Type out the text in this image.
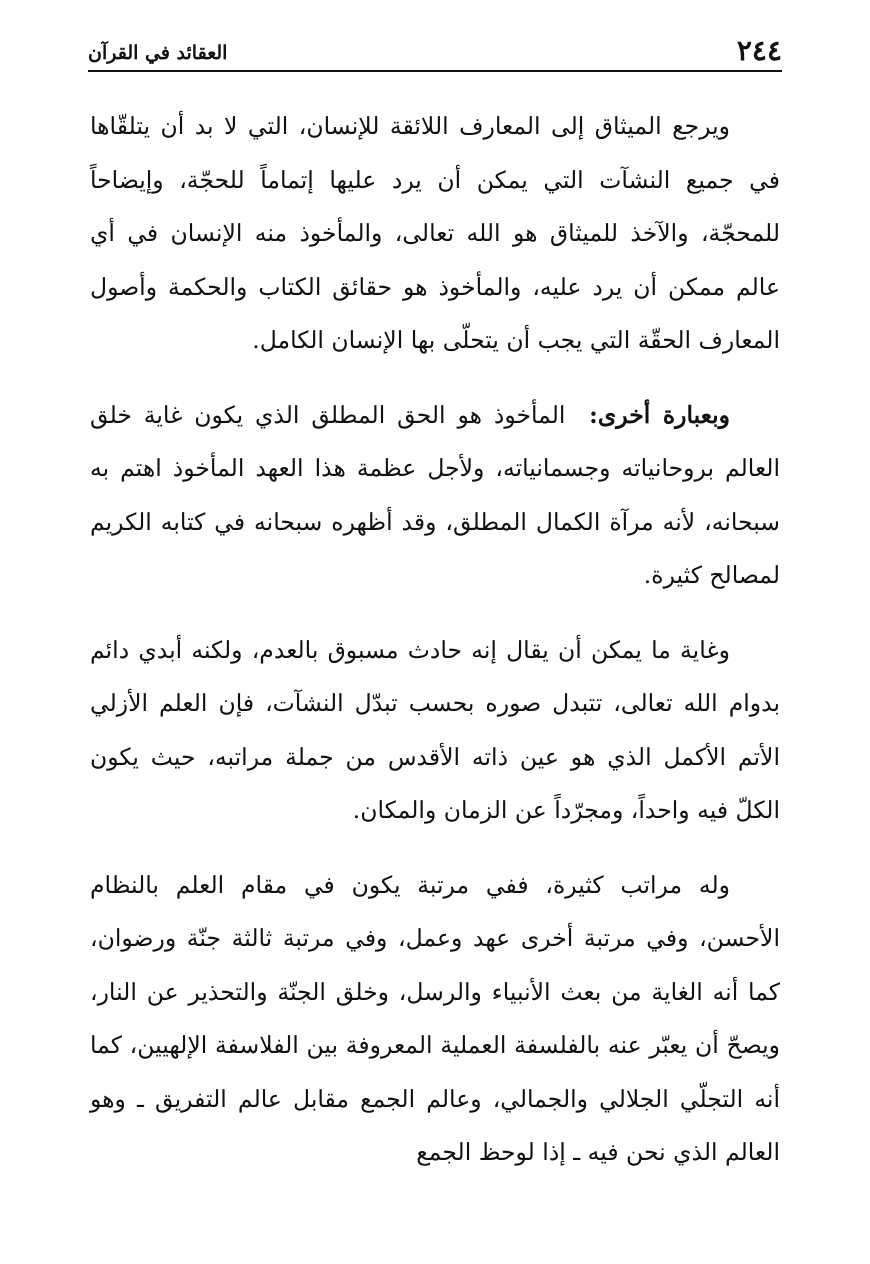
٢٤٤
العقائد في القرآن

ويرجع الميثاق إلى المعارف اللائقة للإنسان، التي لا بد أن يتلقّاها في جميع النشآت التي يمكن أن يرد عليها إتماماً للحجّة، وإيضاحاً للمحجّة، والآخذ للميثاق هو الله تعالى، والمأخوذ منه الإنسان في أي عالم ممكن أن يرد عليه، والمأخوذ هو حقائق الكتاب والحكمة وأصول المعارف الحقّة التي يجب أن يتحلّى بها الإنسان الكامل.

وبعبارة أخرى:  المأخوذ هو الحق المطلق الذي يكون غاية خلق العالم بروحانياته وجسمانياته، ولأجل عظمة هذا العهد المأخوذ اهتم به سبحانه، لأنه مرآة الكمال المطلق، وقد أظهره سبحانه في كتابه الكريم لمصالح كثيرة.

وغاية ما يمكن أن يقال إنه حادث مسبوق بالعدم، ولكنه أبدي دائم بدوام الله تعالى، تتبدل صوره بحسب تبدّل النشآت، فإن العلم الأزلي الأتم الأكمل الذي هو عين ذاته الأقدس من جملة مراتبه، حيث يكون الكلّ فيه واحداً، ومجرّداً عن الزمان والمكان.

وله مراتب كثيرة، ففي مرتبة يكون في مقام العلم بالنظام الأحسن، وفي مرتبة أخرى عهد وعمل، وفي مرتبة ثالثة جنّة ورضوان، كما أنه الغاية من بعث الأنبياء والرسل، وخلق الجنّة والتحذير عن النار، ويصحّ أن يعبّر عنه بالفلسفة العملية المعروفة بين الفلاسفة الإلهيين، كما أنه التجلّي الجلالي والجمالي، وعالم الجمع مقابل عالم التفريق ـ وهو العالم الذي نحن فيه ـ إذا لوحظ الجمع
